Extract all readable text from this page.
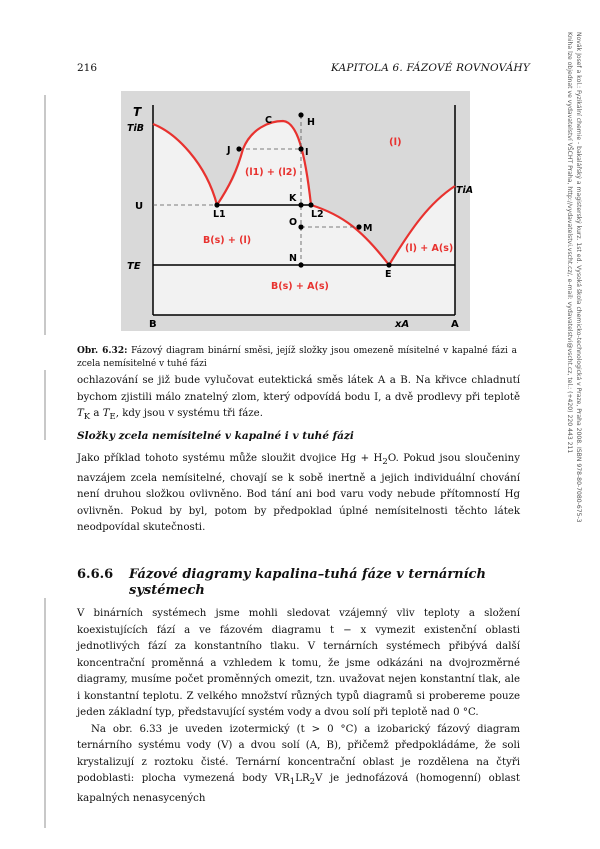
216	KAPITOLA 6. FÁZOVÉ ROVNOVÁHY	Novák Josef a kol.: Fyzikální chemie - bakalářský a magisterský kurz. 1st ed. Vysoká škola chemicko-technologická v Praze, Praha 2008. ISBN 978-80-7080-675-3
Kniha lze objednat ve vydavatelství VŠCHT Praha, http://vydavatelstvi.vscht.cz/, e-mail: vydavatelstvi@vscht.cz, tel.: (+420) 220 443 211
T
TiB
U
TE
TiA
B	A
xA
C	H
J	I
K
L1	L2
O
M
N
E
(l)
(l1) + (l2)
B(s) + (l)
(l) + A(s)
B(s) + A(s)
Obr. 6.32: Fázový diagram binární směsi, jejíž složky jsou omezeně mísitelné v kapalné fázi a zcela nemísitelné v tuhé fázi

ochlazování se již bude vylučovat eutektická směs látek A a B. Na křivce chladnutí bychom zjistili málo znatelný zlom, který odpovídá bodu I, a dvě prodlevy při teplotě $T_K$ a $T_E$, kdy jsou v systému tři fáze.

Složky zcela nemísitelné v kapalné i v tuhé fázi

Jako příklad tohoto systému může sloužit dvojice $Hg + H_2O$. Pokud jsou sloučeniny navzájem zcela nemísitelné, chovají se k sobě inertně a jejich individuální chování není druhou složkou ovlivněno. Bod tání ani bod varu vody nebude přítomností Hg ovlivněn. Pokud by byl, potom by předpoklad úplné nemísitelnosti těchto látek neodpovídal skutečnosti.

6.6.6 Fázové diagramy kapalina–tuhá fáze v ternárních systémech

V binárních systémech jsme mohli sledovat vzájemný vliv teploty a složení koexistujících fází a ve fázovém diagramu t − x vymezit existenční oblasti jednotlivých fází za konstantního tlaku. V ternárních systémech přibývá další koncentrační proměnná a vzhledem k tomu, že jsme odkázáni na dvojrozměrné diagramy, musíme počet proměnných omezit, tzn. uvažovat nejen konstantní tlak, ale i konstantní teplotu. Z velkého množství různých typů diagramů si probereme pouze jeden základní typ, představující systém vody a dvou solí při teplotě nad 0 °C.

Na obr. 6.33 je uveden izotermický (t > 0 °C) a izobarický fázový diagram ternárního systému vody (V) a dvou solí (A, B), přičemž předpokládáme, že soli krystalizují z roztoku čisté. Ternární koncentrační oblast je rozdělena na čtyři podoblasti: plocha vymezená body $VR_1LR_2V$ je jednofázová (homogenní) oblast kapalných nenasycených
